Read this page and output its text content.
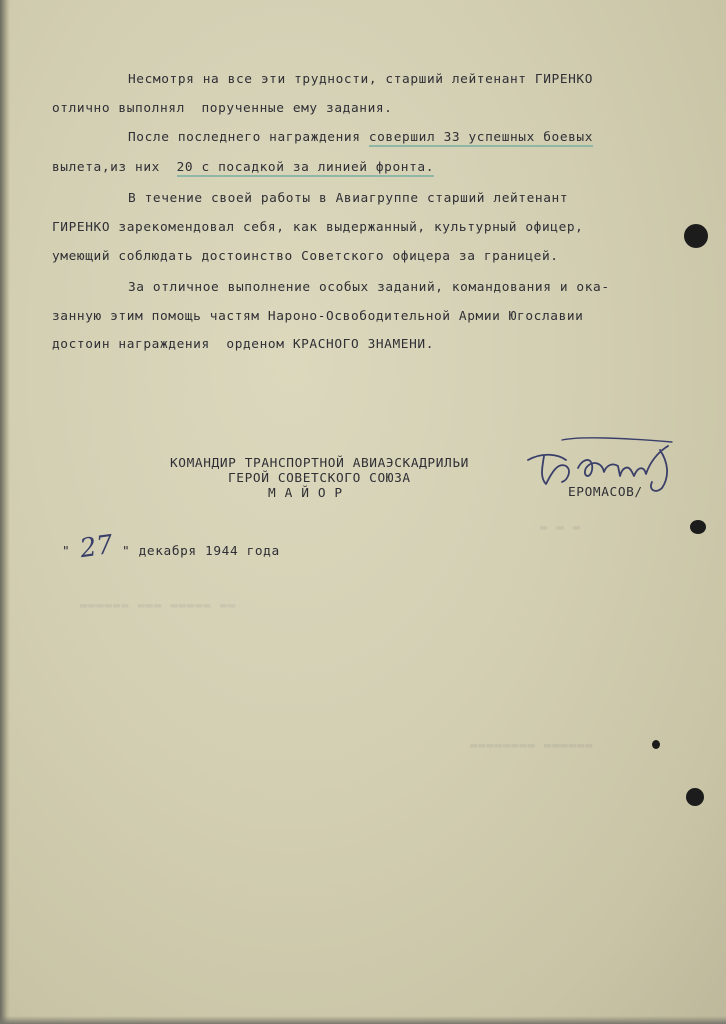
▬▬▬▬▬▬ ▬▬▬ ▬▬▬▬▬ ▬▬
▬▬▬▬▬▬▬▬ ▬▬▬▬▬▬
▬ ▬ ▬
Несмотря на все эти трудности, старший лейтенант ГИРЕНКО
отлично выполнял  порученные ему задания.
После последнего награждения совершил 33 успешных боевых
вылета,из них  20 с посадкой за линией фронта.
В течение своей работы в Авиагруппе старший лейтенант
ГИРЕНКО зарекомендовал себя, как выдержанный, культурный офицер,
умеющий соблюдать достоинство Советского офицера за границей.
За отличное выполнение особых заданий, командования и ока-
занную этим помощь частям Нароно-Освободительной Армии Югославии
достоин награждения  орденом КРАСНОГО ЗНАМЕНИ.
КОМАНДИР ТРАНСПОРТНОЙ АВИАЭСКАДРИЛЬИ
ГЕРОЙ СОВЕТСКОГО СОЮЗА
М А Й О Р	ЕРОМАСОВ/
" 27 " декабря 1944 года
